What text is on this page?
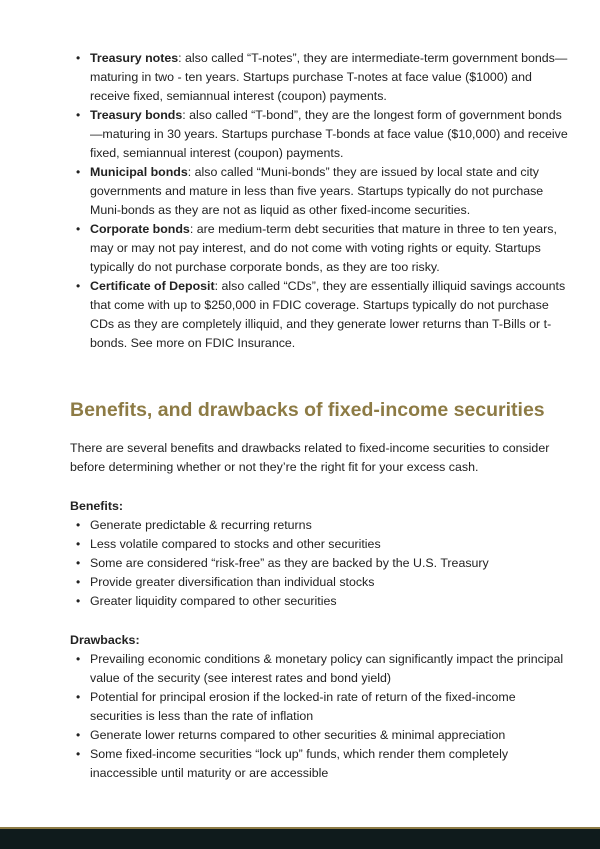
• Treasury notes: also called “T-notes”, they are intermediate-term government bonds—maturing in two - ten years. Startups purchase T-notes at face value ($1000) and receive fixed, semiannual interest (coupon) payments.
• Treasury bonds: also called “T-bond”, they are the longest form of government bonds—maturing in 30 years. Startups purchase T-bonds at face value ($10,000) and receive fixed, semiannual interest (coupon) payments.
• Municipal bonds: also called “Muni-bonds” they are issued by local state and city governments and mature in less than five years. Startups typically do not purchase Muni-bonds as they are not as liquid as other fixed-income securities.
• Corporate bonds: are medium-term debt securities that mature in three to ten years, may or may not pay interest, and do not come with voting rights or equity. Startups typically do not purchase corporate bonds, as they are too risky.
• Certificate of Deposit: also called “CDs”, they are essentially illiquid savings accounts that come with up to $250,000 in FDIC coverage. Startups typically do not purchase CDs as they are completely illiquid, and they generate lower returns than T-Bills or t-bonds. See more on FDIC Insurance.
Benefits, and drawbacks of fixed-income securities

There are several benefits and drawbacks related to fixed-income securities to consider before determining whether or not they’re the right fit for your excess cash.

Benefits:

• Generate predictable & recurring returns
• Less volatile compared to stocks and other securities
• Some are considered “risk-free” as they are backed by the U.S. Treasury
• Provide greater diversification than individual stocks
• Greater liquidity compared to other securities

Drawbacks:

• Prevailing economic conditions & monetary policy can significantly impact the principal value of the security (see interest rates and bond yield)
• Potential for principal erosion if the locked-in rate of return of the fixed-income securities is less than the rate of inflation
• Generate lower returns compared to other securities & minimal appreciation
• Some fixed-income securities “lock up” funds, which render them completely inaccessible until maturity or are accessible
